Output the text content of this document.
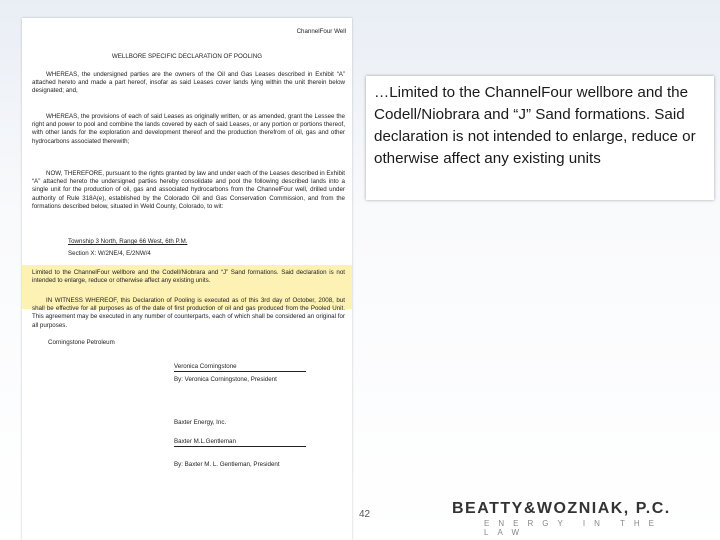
ChannelFour Well
WELLBORE SPECIFIC DECLARATION OF POOLING

WHEREAS, the undersigned parties are the owners of the Oil and Gas Leases described in Exhibit “A” attached hereto and made a part hereof, insofar as said Leases cover lands lying within the unit therein below designated; and,

WHEREAS, the provisions of each of said Leases as originally written, or as amended, grant the Lessee the right and power to pool and combine the lands covered by each of said Leases, or any portion or portions thereof, with other lands for the exploration and development thereof and the production therefrom of oil, gas and other hydrocarbons associated therewith;

NOW, THEREFORE, pursuant to the rights granted by law and under each of the Leases described in Exhibit “A” attached hereto the undersigned parties hereby consolidate and pool the following described lands into a single unit for the production of oil, gas and associated hydrocarbons from the ChannelFour well, drilled under authority of Rule 318A(e), established by the Colorado Oil and Gas Conservation Commission, and from the formations described below, situated in Weld County, Colorado, to wit:

Township 3 North, Range 66 West, 6th P.M.
Section X: W/2NE/4, E/2NW/4

Limited to the ChannelFour wellbore and the Codell/Niobrara and “J” Sand formations. Said declaration is not intended to enlarge, reduce or otherwise affect any existing units.

IN WITNESS WHEREOF, this Declaration of Pooling is executed as of this 3rd day of October, 2008, but shall be effective for all purposes as of the date of first production of oil and gas produced from the Pooled Unit. This agreement may be executed in any number of counterparts, each of which shall be considered an original for all purposes.

Corningstone Petroleum
Veronica Corningstone
By: Veronica Corningstone, President
Baxter Energy, Inc.
Baxter M.L.Gentleman
By: Baxter M. L. Gentleman, President
…Limited to the ChannelFour wellbore and the Codell/Niobrara and “J” Sand formations. Said declaration is not intended to enlarge, reduce or otherwise affect any existing units
42	BEATTY&WOZNIAK, P.C.
ENERGY IN THE LAW
